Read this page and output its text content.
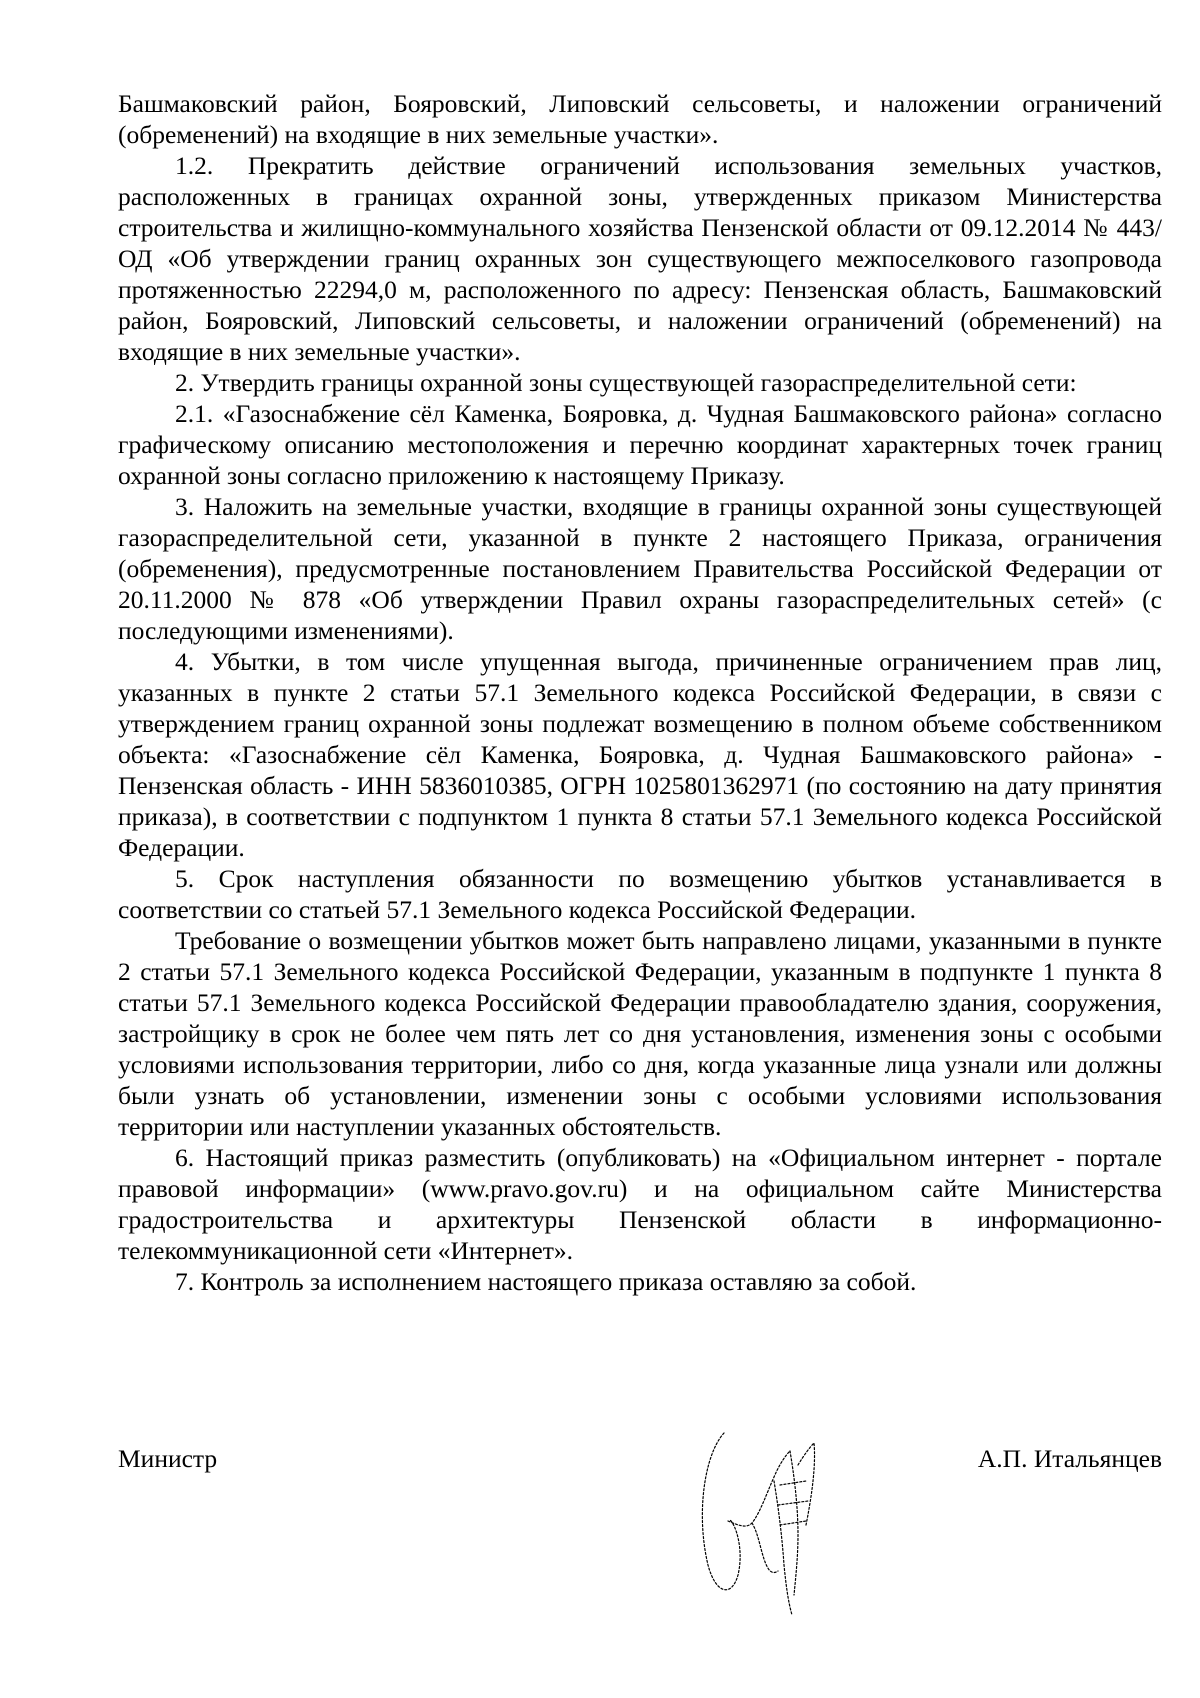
Башмаковский район, Бояровский, Липовский сельсоветы, и наложении ограничений (обременений) на входящие в них земельные участки».

1.2. Прекратить действие ограничений использования земельных участков, расположенных в границах охранной зоны, утвержденных приказом Министерства строительства и жилищно-коммунального хозяйства Пензенской области от 09.12.2014 № 443/ОД «Об утверждении границ охранных зон существующего межпоселкового газопровода протяженностью 22294,0 м, расположенного по адресу: Пензенская область, Башмаковский район, Бояровский, Липовский сельсоветы, и наложении ограничений (обременений) на входящие в них земельные участки».

2. Утвердить границы охранной зоны существующей газораспределительной сети:

2.1. «Газоснабжение сёл Каменка, Бояровка, д. Чудная Башмаковского района» согласно графическому описанию местоположения и перечню координат характерных точек границ охранной зоны согласно приложению к настоящему Приказу.

3. Наложить на земельные участки, входящие в границы охранной зоны существующей газораспределительной сети, указанной в пункте 2 настоящего Приказа, ограничения (обременения), предусмотренные постановлением Правительства Российской Федерации от 20.11.2000 № 878 «Об утверждении Правил охраны газораспределительных сетей» (с последующими изменениями).

4. Убытки, в том числе упущенная выгода, причиненные ограничением прав лиц, указанных в пункте 2 статьи 57.1 Земельного кодекса Российской Федерации, в связи с утверждением границ охранной зоны подлежат возмещению в полном объеме собственником объекта: «Газоснабжение сёл Каменка, Бояровка, д. Чудная Башмаковского района» - Пензенская область - ИНН 5836010385, ОГРН 1025801362971 (по состоянию на дату принятия приказа), в соответствии с подпунктом 1 пункта 8 статьи 57.1 Земельного кодекса Российской Федерации.

5. Срок наступления обязанности по возмещению убытков устанавливается в соответствии со статьей 57.1 Земельного кодекса Российской Федерации.

Требование о возмещении убытков может быть направлено лицами, указанными в пункте 2 статьи 57.1 Земельного кодекса Российской Федерации, указанным в подпункте 1 пункта 8 статьи 57.1 Земельного кодекса Российской Федерации правообладателю здания, сооружения, застройщику в срок не более чем пять лет со дня установления, изменения зоны с особыми условиями использования территории, либо со дня, когда указанные лица узнали или должны были узнать об установлении, изменении зоны с особыми условиями использования территории или наступлении указанных обстоятельств.

6. Настоящий приказ разместить (опубликовать) на «Официальном интернет - портале правовой информации» (www.pravo.gov.ru) и на официальном сайте Министерства градостроительства и архитектуры Пензенской области в информационно-телекоммуникационной сети «Интернет».

7. Контроль за исполнением настоящего приказа оставляю за собой.

Министр	А.П. Итальянцев
